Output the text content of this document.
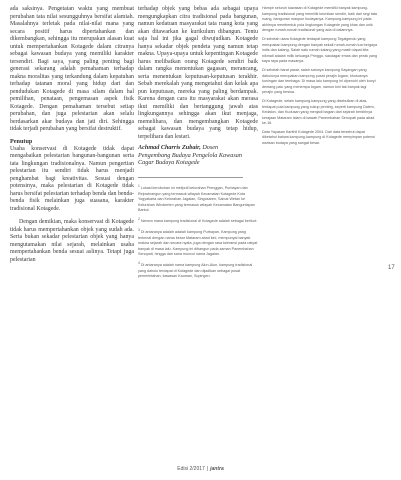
ada saksinya. Pengetatan waktu yang membuat perubahan tata nilai sesungguhnya bersifat alamiah. Masalahnya terletak pada nilai-nilai mana yang secara positif harus dipertahankan dan dikembangkan, sehingga itu merupakan alasan kuat untuk mempertahankan Kotagede dalam citranya sebagai kawasan budaya yang memiliki karakter tersendiri. Bagi saya, yang paling penting bagi generasi sekarang adalah pemahaman terhadap makna moralitas yang terkandung dalam kepatuhan terhadap tatanan moral yang hidup dari dan pendudukan Kotagede di masa silam dalam hal pemilihan, penataan, pengemasan aspek fisik Kotagede. Dengan pemahaman tersebut setiap perubahan, dan juga pelestarian akan selalu berdasarkan akar budaya dan jati diri. Sehingga tidak terjadi perubahan yang bersifat destruktif.

Penutup

Usaha konservasi di Kotagede tidak dapat mengabaikan pelestarian bangunan-bangunan serta tata lingkungan tradisionalnya. Namun pengertian pelestarian itu sendiri tidak harus menjadi penghambat bagi kreativitas. Sesuai dengan potensinya, maka pelestarian di Kotagede tidak harus bersifat pelestarian terhadap benda dan benda-benda fisik melainkan juga suasana, karakter tradisional Kotagede.

Dengan demikian, maka konservasi di Kotagede tidak harus mempertahankan objek yang sudah ada. Serta bukan sekadar pelestarian objek yang hanya mengutamakan nilai sejarah, melainkan usaha mempertahankan benda sesuai aslinya. Tetapi juga pelestarian

terhadap objek yang bebas ada sebagai upaya mengungkapkan citra tradisional pada bangunan, namun kedatuan masyarakat tata ruang kota yang akan ditawarkan ke kurikulum dibangun. Tentu saja hal ini jika gagal diwujudkan. Kotagede hanya sekadar objek pendeta yang namun tetap makna. Upaya-upaya untuk kepentingan Kotagede harus melibatkan orang Kotagede sendiri baik dalam rangka menentukan gagasan, merancang, serta menentukan keputusan-keputusan terakhir. Sebab merekalah yang mengetahui dan kelak apa pun keputusan, mereka yang paling berdampak. Karena dengan cara itu masyarakat akan merasa ikut memiliki dan bertanggung jawab atas lingkungannya sehingga akan ikut menjaga, memelihara, dan mengembangkan Kotagede sebagai kawasan budaya yang tetap hidup, terpelihara dan lestari.

Achmad Charris Zubair, Dosen
Pengembang Budaya Pengelola Kawasan Cagar Budaya Kotagede
$^1$ Lokasi kerobohan ini meliputi kelurahan Prenggan, Purbayan dan Rejowinangun yang termasuk wilayah Kecamatan Kotagede Kota Yogyakarta dan Kelurahan Jagalan, Singosaren, Sabuk Wetan ke Kelurahan Wirokerten yang termasuk wilayah Kecamatan Banguntapan Bantul.
$^2$ Namon mana kampung tradisional di Kotagede adalah sebagai berikut:
$^3$ Di antaranya adalah adalah kampung Purbayan, Kampung yang terkenal dengan nama besar Mataram abad kini, mempunyai banyak makna sejarah dan secara nyata, juga dengan rasa toleransi pada rakyat banyak di masa lalu. Kampung ini dibangun pada zaman Panembahan Senopati, hingga dari sana muncul nama Jagalan.
$^4$ Di antaranya adalah nama kampung Alun-Alun, kampung tradisional yang dahulu terdapat di Kotagede dan dijadikan sebagai pusat pemerintahan, kawasan Kauman, Sopingen.

Hampir seluruh kawasan di Kotagede memiliki banyak kampung-kampung tradisional yang memiliki keunikan sendiri, baik dari segi tata ruang, bangunan maupun budayanya. Kampung-kampung ini pada akhirnya membentuk pola lingkungan Kotagede yang khas dan unik dengan rumah-rumah tradisional yang ada di dalamnya.

Di sebelah utara Kotagede terdapat kampung Tegalgendu yang merupakan kampung dengan banyak sekali rumah-rumah tua bergaya indis dan kalang. Salah satu rumah kalang yang masih dapat kita nikmati adalah milik keluarga Pringgo, saudagar emas dan perak yang kaya raya pada masanya.

Di sebelah barat pasar, salah satunya kampung Sayangan yang dahulunya merupakan kampung pusat perajin logam, khususnya kuningan dan tembaga. Di masa lalu kampung ini dipenuhi oleh bunyi dentang palu yang menempa logam, namun kini tak banyak lagi perajin yang tersisa.

Di Kotagede, selain kampung-kampung yang disebutkan di atas, terdapat pula kampung yang cukup penting, seperti kampung Dalem, Kedaton, dan Kudusan yang menjadi bagian dari sejarah berdirinya kerajaan Mataram Islam di bawah Panembahan Senopati pada abad ke-16.

Data Yayasan Kanthil Kotagede 2004. Dari data tersebut dapat diketahui bahwa kampung-kampung di Kotagede menyimpan potensi warisan budaya yang sangat besar.

17
Edisi 2/2017 | jantra
